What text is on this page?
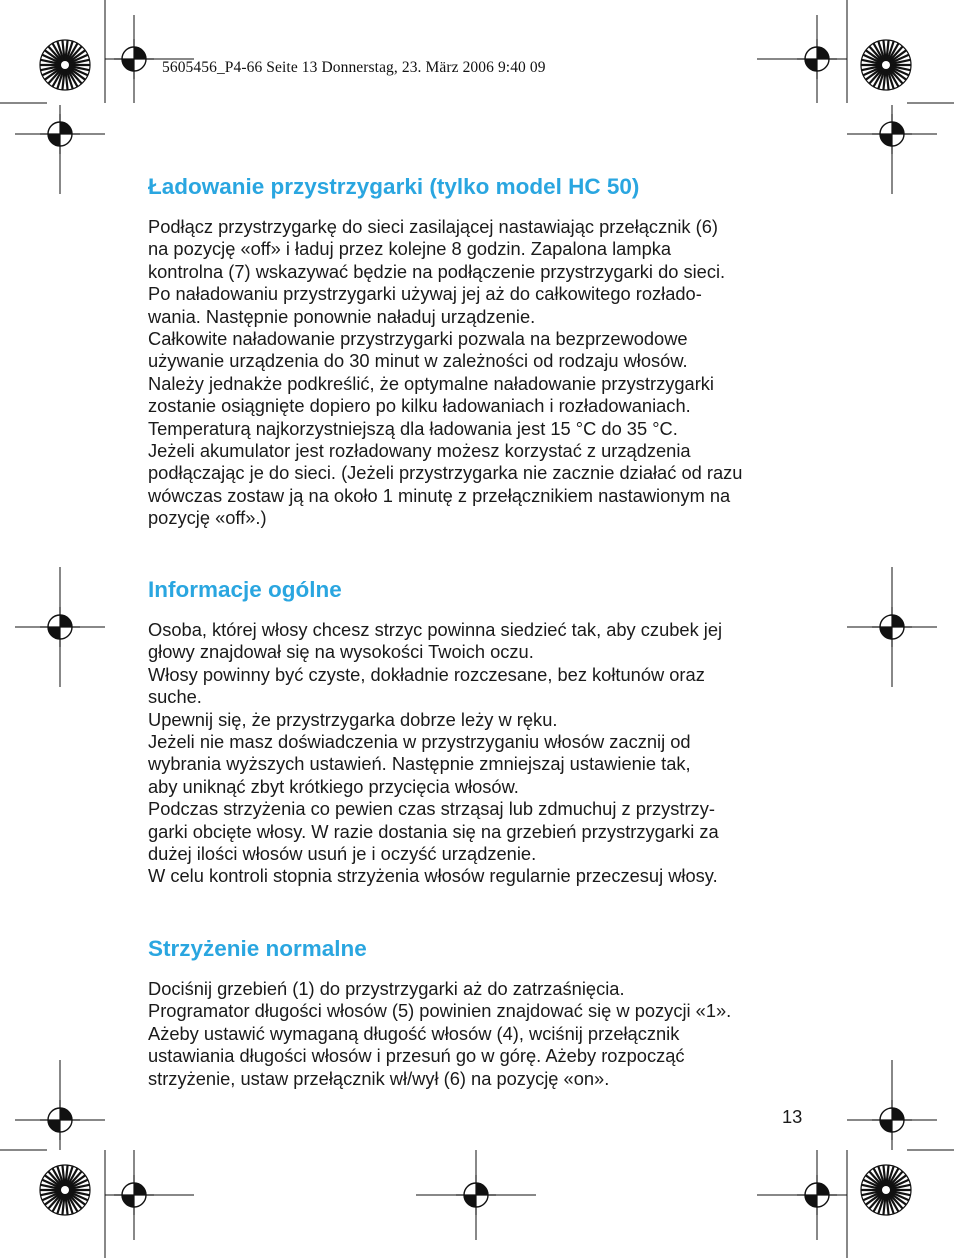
5605456_P4-66 Seite 13 Donnerstag, 23. März 2006 9:40 09
Ładowanie przystrzygarki (tylko model HC 50)

Podłącz przystrzygarkę do sieci zasilającej nastawiając przełącznik (6)

na pozycję «off» i ładuj przez kolejne 8 godzin. Zapalona lampka

kontrolna (7) wskazywać będzie na podłączenie przystrzygarki do sieci.

Po naładowaniu przystrzygarki używaj jej aż do całkowitego rozłado-

wania. Następnie ponownie naładuj urządzenie.

Całkowite naładowanie przystrzygarki pozwala na bezprzewodowe

używanie urządzenia do 30 minut w zależności od rodzaju włosów.

Należy jednakże podkreślić, że optymalne naładowanie przystrzygarki

zostanie osiągnięte dopiero po kilku ładowaniach i rozładowaniach.

Temperaturą najkorzystniejszą dla ładowania jest 15 °C do 35 °C.

Jeżeli akumulator jest rozładowany możesz korzystać z urządzenia

podłączając je do sieci. (Jeżeli przystrzygarka nie zacznie działać od razu

wówczas zostaw ją na około 1 minutę z przełącznikiem nastawionym na

pozycję «off».)

Informacje ogólne

Osoba, której włosy chcesz strzyc powinna siedzieć tak, aby czubek jej

głowy znajdował się na wysokości Twoich oczu.

Włosy powinny być czyste, dokładnie rozczesane, bez kołtunów oraz

suche.

Upewnij się, że przystrzygarka dobrze leży w ręku.

Jeżeli nie masz doświadczenia w przystrzyganiu włosów zacznij od

wybrania wyższych ustawień. Następnie zmniejszaj ustawienie tak,

aby uniknąć zbyt krótkiego przycięcia włosów.

Podczas strzyżenia co pewien czas strząsaj lub zdmuchuj z przystrzy-

garki obcięte włosy. W razie dostania się na grzebień przystrzygarki za

dużej ilości włosów usuń je i oczyść urządzenie.

W celu kontroli stopnia strzyżenia włosów regularnie przeczesuj włosy.

Strzyżenie normalne

Dociśnij grzebień (1) do przystrzygarki aż do zatrzaśnięcia.

Programator długości włosów (5) powinien znajdować się w pozycji «1».

Ażeby ustawić wymaganą długość włosów (4), wciśnij przełącznik

ustawiania długości włosów i przesuń go w górę. Ażeby rozpocząć

strzyżenie, ustaw przełącznik wł/wył (6) na pozycję «on».

13
